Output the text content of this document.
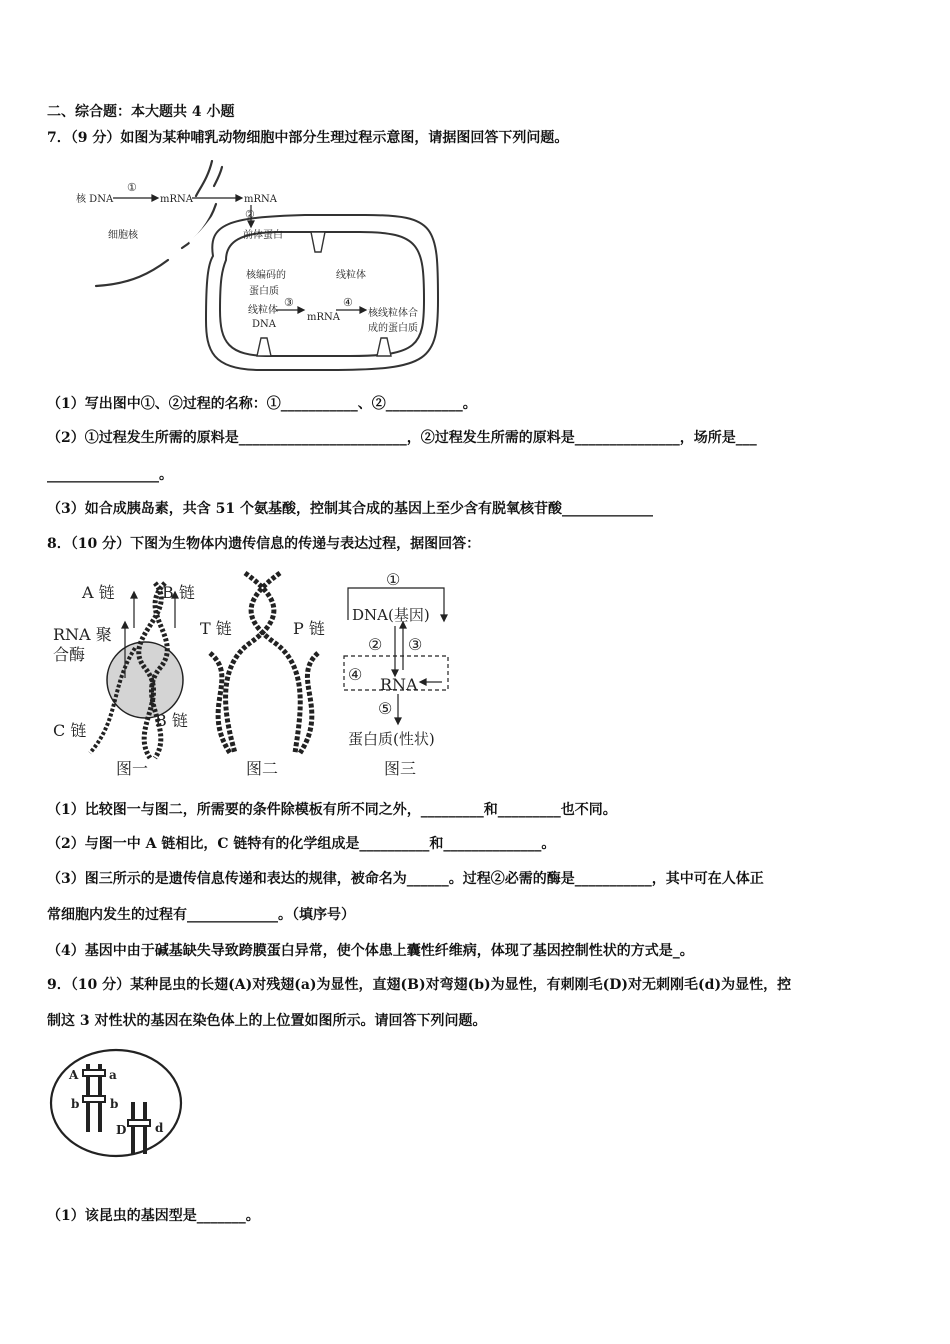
二、综合题：本大题共 4 小题
7．（9 分）如图为某种哺乳动物细胞中部分生理过程示意图，请据图回答下列问题。
核 DNA
①
mRNA	mRNA
②
前体蛋白
细胞核
核编码的
蛋白质
线粒体
线粒体
DNA
③
mRNA
④
核线粒体合
成的蛋白质
（1）写出图中①、②过程的名称：①___________、②___________。
（2）①过程发生所需的原料是________________________，②过程发生所需的原料是_______________，场所是___
________________。
（3）如合成胰岛素，共含 51 个氨基酸，控制其合成的基因上至少含有脱氧核苷酸_____________
8．（10 分）下图为生物体内遗传信息的传递与表达过程，据图回答：
A 链	B 链
RNA 聚
合酶
C 链
B 链
图一
T 链	P 链
图二
①
DNA(基因)
② ③
④
RNA
⑤
蛋白质(性状)
图三
（1）比较图一与图二，所需要的条件除模板有所不同之外，_________和_________也不同。
（2）与图一中 A 链相比，C 链特有的化学组成是__________和______________。
（3）图三所示的是遗传信息传递和表达的规律，被命名为______。过程②必需的酶是___________，其中可在人体正
常细胞内发生的过程有_____________。（填序号）
（4）基因中由于碱基缺失导致跨膜蛋白异常，使个体患上囊性纤维病，体现了基因控制性状的方式是_。
9．（10 分）某种昆虫的长翅(A)对残翅(a)为显性，直翅(B)对弯翅(b)为显性，有刺刚毛(D)对无刺刚毛(d)为显性，控
制这 3 对性状的基因在染色体上的上位置如图所示。请回答下列问题。
A	a
b	b
D d
（1）该昆虫的基因型是_______。
